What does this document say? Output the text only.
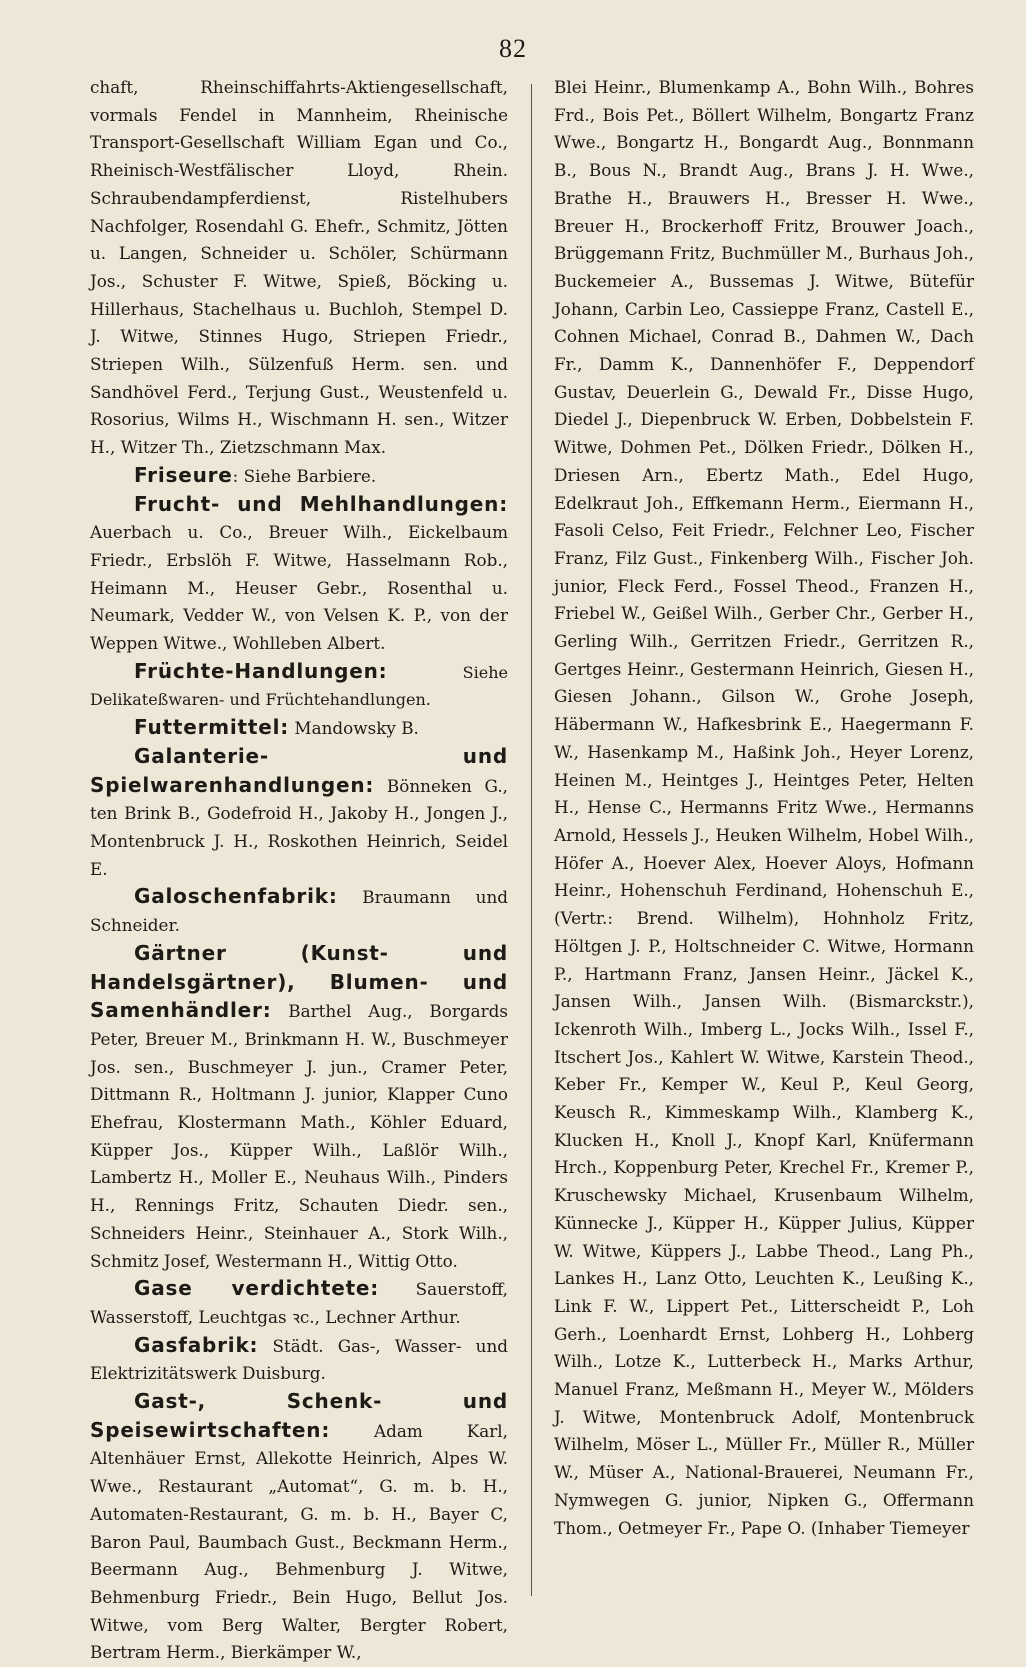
82

chaft, Rheinschiffahrts-Aktiengesellschaft, vormals Fendel in Mannheim, Rheinische Transport-Gesellschaft William Egan und Co., Rheinisch-Westfälischer Lloyd, Rhein. Schraubendampferdienst, Ristelhubers Nachfolger, Rosendahl G. Ehefr., Schmitz, Jötten u. Langen, Schneider u. Schöler, Schürmann Jos., Schuster F. Witwe, Spieß, Böcking u. Hillerhaus, Stachelhaus u. Buchloh, Stempel D. J. Witwe, Stinnes Hugo, Striepen Friedr., Striepen Wilh., Sülzenfuß Herm. sen. und Sandhövel Ferd., Terjung Gust., Weustenfeld u. Rosorius, Wilms H., Wischmann H. sen., Witzer H., Witzer Th., Zietzschmann Max.

Friseure: Siehe Barbiere.

Frucht- und Mehlhandlungen: Auerbach u. Co., Breuer Wilh., Eickelbaum Friedr., Erbslöh F. Witwe, Hasselmann Rob., Heimann M., Heuser Gebr., Rosenthal u. Neumark, Vedder W., von Velsen K. P., von der Weppen Witwe., Wohlleben Albert.

Früchte-Handlungen: Siehe Delikateßwaren- und Früchtehandlungen.

Futtermittel: Mandowsky B.

Galanterie- und Spielwarenhandlungen: Bönneken G., ten Brink B., Godefroid H., Jakoby H., Jongen J., Montenbruck J. H., Roskothen Heinrich, Seidel E.

Galoschenfabrik: Braumann und Schneider.

Gärtner (Kunst- und Handelsgärtner), Blumen- und Samenhändler: Barthel Aug., Borgards Peter, Breuer M., Brinkmann H. W., Buschmeyer Jos. sen., Buschmeyer J. jun., Cramer Peter, Dittmann R., Holtmann J. junior, Klapper Cuno Ehefrau, Klostermann Math., Köhler Eduard, Küpper Jos., Küpper Wilh., Laßlör Wilh., Lambertz H., Moller E., Neuhaus Wilh., Pinders H., Rennings Fritz, Schauten Diedr. sen., Schneiders Heinr., Steinhauer A., Stork Wilh., Schmitz Josef, Westermann H., Wittig Otto.

Gase verdichtete: Sauerstoff, Wasserstoff, Leuchtgas ꝛc., Lechner Arthur.

Gasfabrik: Städt. Gas-, Wasser- und Elektrizitätswerk Duisburg.

Gast-, Schenk- und Speisewirtschaften: Adam Karl, Altenhäuer Ernst, Allekotte Heinrich, Alpes W. Wwe., Restaurant „Automat“, G. m. b. H., Automaten-Restaurant, G. m. b. H., Bayer C, Baron Paul, Baumbach Gust., Beckmann Herm., Beermann Aug., Behmenburg J. Witwe, Behmenburg Friedr., Bein Hugo, Bellut Jos. Witwe, vom Berg Walter, Bergter Robert, Bertram Herm., Bierkämper W.,

Blei Heinr., Blumenkamp A., Bohn Wilh., Bohres Frd., Bois Pet., Böllert Wilhelm, Bongartz Franz Wwe., Bongartz H., Bongardt Aug., Bonnmann B., Bous N., Brandt Aug., Brans J. H. Wwe., Brathe H., Brauwers H., Bresser H. Wwe., Breuer H., Brockerhoff Fritz, Brouwer Joach., Brüggemann Fritz, Buchmüller M., Burhaus Joh., Buckemeier A., Bussemas J. Witwe, Bütefür Johann, Carbin Leo, Cassieppe Franz, Castell E., Cohnen Michael, Conrad B., Dahmen W., Dach Fr., Damm K., Dannenhöfer F., Deppendorf Gustav, Deuerlein G., Dewald Fr., Disse Hugo, Diedel J., Diepenbruck W. Erben, Dobbelstein F. Witwe, Dohmen Pet., Dölken Friedr., Dölken H., Driesen Arn., Ebertz Math., Edel Hugo, Edelkraut Joh., Effkemann Herm., Eiermann H., Fasoli Celso, Feit Friedr., Felchner Leo, Fischer Franz, Filz Gust., Finkenberg Wilh., Fischer Joh. junior, Fleck Ferd., Fossel Theod., Franzen H., Friebel W., Geißel Wilh., Gerber Chr., Gerber H., Gerling Wilh., Gerritzen Friedr., Gerritzen R., Gertges Heinr., Gestermann Heinrich, Giesen H., Giesen Johann., Gilson W., Grohe Joseph, Häbermann W., Hafkesbrink E., Haegermann F. W., Hasenkamp M., Haßink Joh., Heyer Lorenz, Heinen M., Heintges J., Heintges Peter, Helten H., Hense C., Hermanns Fritz Wwe., Hermanns Arnold, Hessels J., Heuken Wilhelm, Hobel Wilh., Höfer A., Hoever Alex, Hoever Aloys, Hofmann Heinr., Hohenschuh Ferdinand, Hohenschuh E., (Vertr.: Brend. Wilhelm), Hohnholz Fritz, Höltgen J. P., Holtschneider C. Witwe, Hormann P., Hartmann Franz, Jansen Heinr., Jäckel K., Jansen Wilh., Jansen Wilh. (Bismarckstr.), Ickenroth Wilh., Imberg L., Jocks Wilh., Issel F., Itschert Jos., Kahlert W. Witwe, Karstein Theod., Keber Fr., Kemper W., Keul P., Keul Georg, Keusch R., Kimmeskamp Wilh., Klamberg K., Klucken H., Knoll J., Knopf Karl, Knüfermann Hrch., Koppenburg Peter, Krechel Fr., Kremer P., Kruschewsky Michael, Krusenbaum Wilhelm, Künnecke J., Küpper H., Küpper Julius, Küpper W. Witwe, Küppers J., Labbe Theod., Lang Ph., Lankes H., Lanz Otto, Leuchten K., Leußing K., Link F. W., Lippert Pet., Litterscheidt P., Loh Gerh., Loenhardt Ernst, Lohberg H., Lohberg Wilh., Lotze K., Lutterbeck H., Marks Arthur, Manuel Franz, Meßmann H., Meyer W., Mölders J. Witwe, Montenbruck Adolf, Montenbruck Wilhelm, Möser L., Müller Fr., Müller R., Müller W., Müser A., National-Brauerei, Neumann Fr., Nymwegen G. junior, Nipken G., Offermann Thom., Oetmeyer Fr., Pape O. (Inhaber Tiemeyer
